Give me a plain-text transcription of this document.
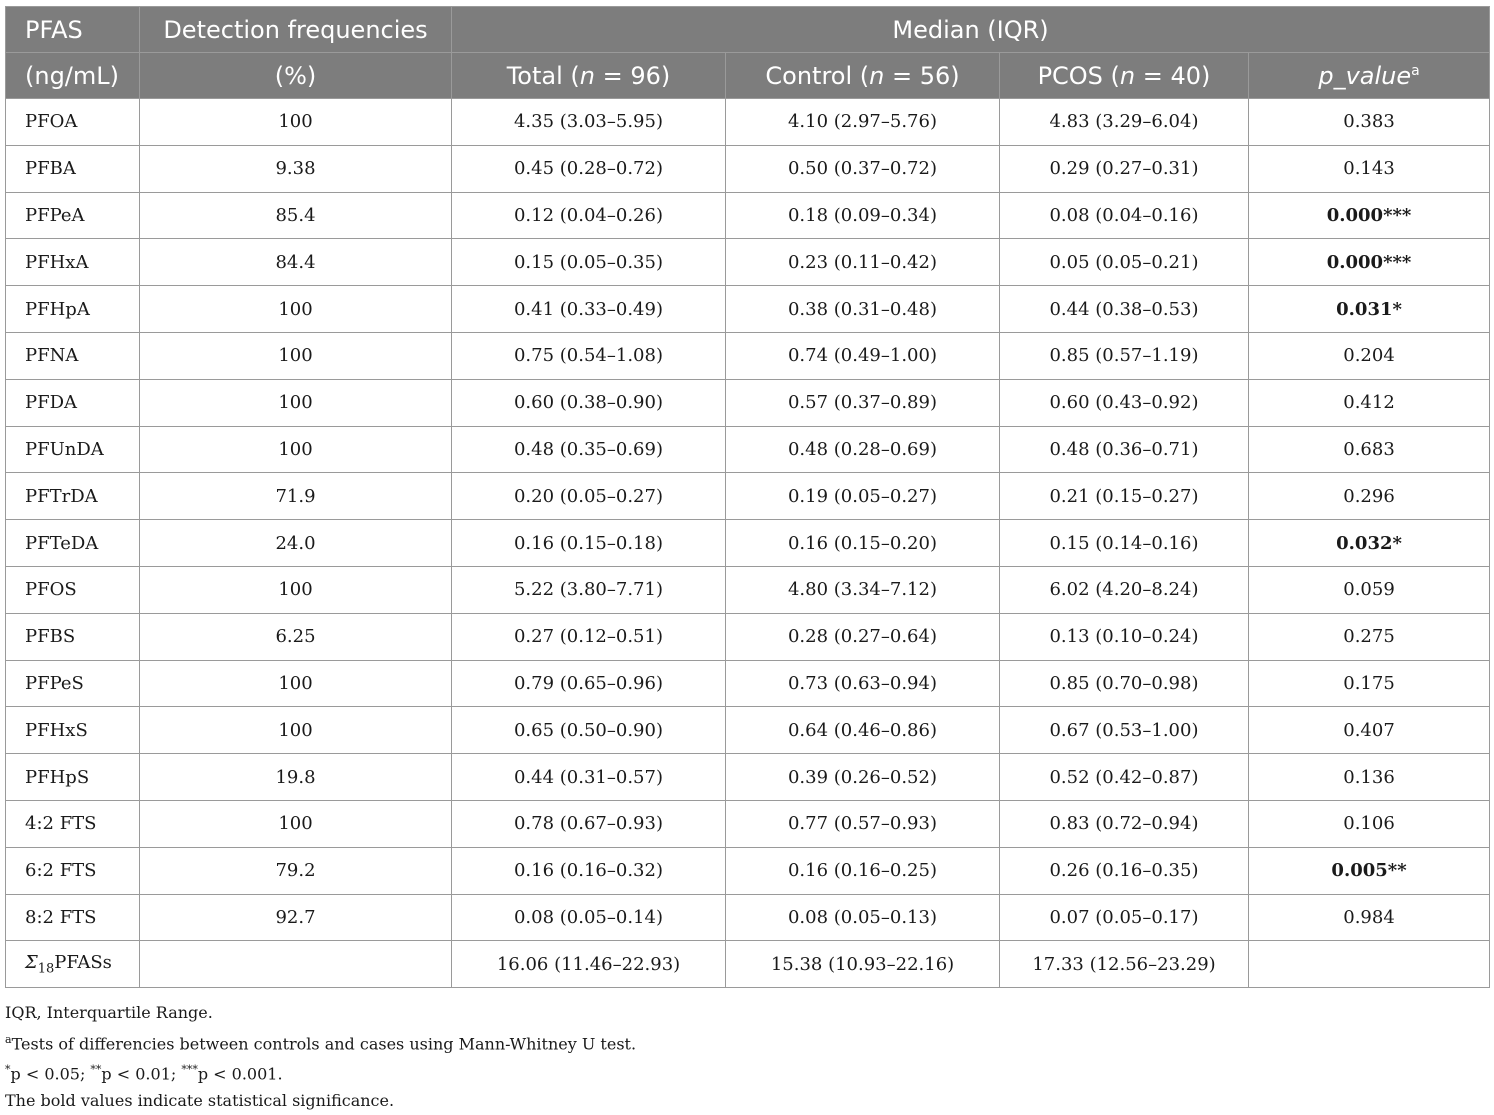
PFAS	Detection frequencies	Median (IQR)			
(ng/mL)	(%)	Total (n = 96)	Control (n = 56)	PCOS (n = 40)	p_value$^a$
PFOA	100	4.35 (3.03–5.95)	4.10 (2.97–5.76)	4.83 (3.29–6.04)	0.383
PFBA	9.38	0.45 (0.28–0.72)	0.50 (0.37–0.72)	0.29 (0.27–0.31)	0.143
PFPeA	85.4	0.12 (0.04–0.26)	0.18 (0.09–0.34)	0.08 (0.04–0.16)	0.000***
PFHxA	84.4	0.15 (0.05–0.35)	0.23 (0.11–0.42)	0.05 (0.05–0.21)	0.000***
PFHpA	100	0.41 (0.33–0.49)	0.38 (0.31–0.48)	0.44 (0.38–0.53)	0.031*
PFNA	100	0.75 (0.54–1.08)	0.74 (0.49–1.00)	0.85 (0.57–1.19)	0.204
PFDA	100	0.60 (0.38–0.90)	0.57 (0.37–0.89)	0.60 (0.43–0.92)	0.412
PFUnDA	100	0.48 (0.35–0.69)	0.48 (0.28–0.69)	0.48 (0.36–0.71)	0.683
PFTrDA	71.9	0.20 (0.05–0.27)	0.19 (0.05–0.27)	0.21 (0.15–0.27)	0.296
PFTeDA	24.0	0.16 (0.15–0.18)	0.16 (0.15–0.20)	0.15 (0.14–0.16)	0.032*
PFOS	100	5.22 (3.80–7.71)	4.80 (3.34–7.12)	6.02 (4.20–8.24)	0.059
PFBS	6.25	0.27 (0.12–0.51)	0.28 (0.27–0.64)	0.13 (0.10–0.24)	0.275
PFPeS	100	0.79 (0.65–0.96)	0.73 (0.63–0.94)	0.85 (0.70–0.98)	0.175
PFHxS	100	0.65 (0.50–0.90)	0.64 (0.46–0.86)	0.67 (0.53–1.00)	0.407
PFHpS	19.8	0.44 (0.31–0.57)	0.39 (0.26–0.52)	0.52 (0.42–0.87)	0.136
4:2 FTS	100	0.78 (0.67–0.93)	0.77 (0.57–0.93)	0.83 (0.72–0.94)	0.106
6:2 FTS	79.2	0.16 (0.16–0.32)	0.16 (0.16–0.25)	0.26 (0.16–0.35)	0.005**
8:2 FTS	92.7	0.08 (0.05–0.14)	0.08 (0.05–0.13)	0.07 (0.05–0.17)	0.984
$\Sigma_{18}PFASs$		16.06 (11.46–22.93)	15.38 (10.93–22.16)	17.33 (12.56–23.29)	
IQR, Interquartile Range.
$^a$Tests of differencies between controls and cases using Mann-Whitney U test.
*p < 0.05; **p < 0.01; ***p < 0.001.
The bold values indicate statistical significance.
